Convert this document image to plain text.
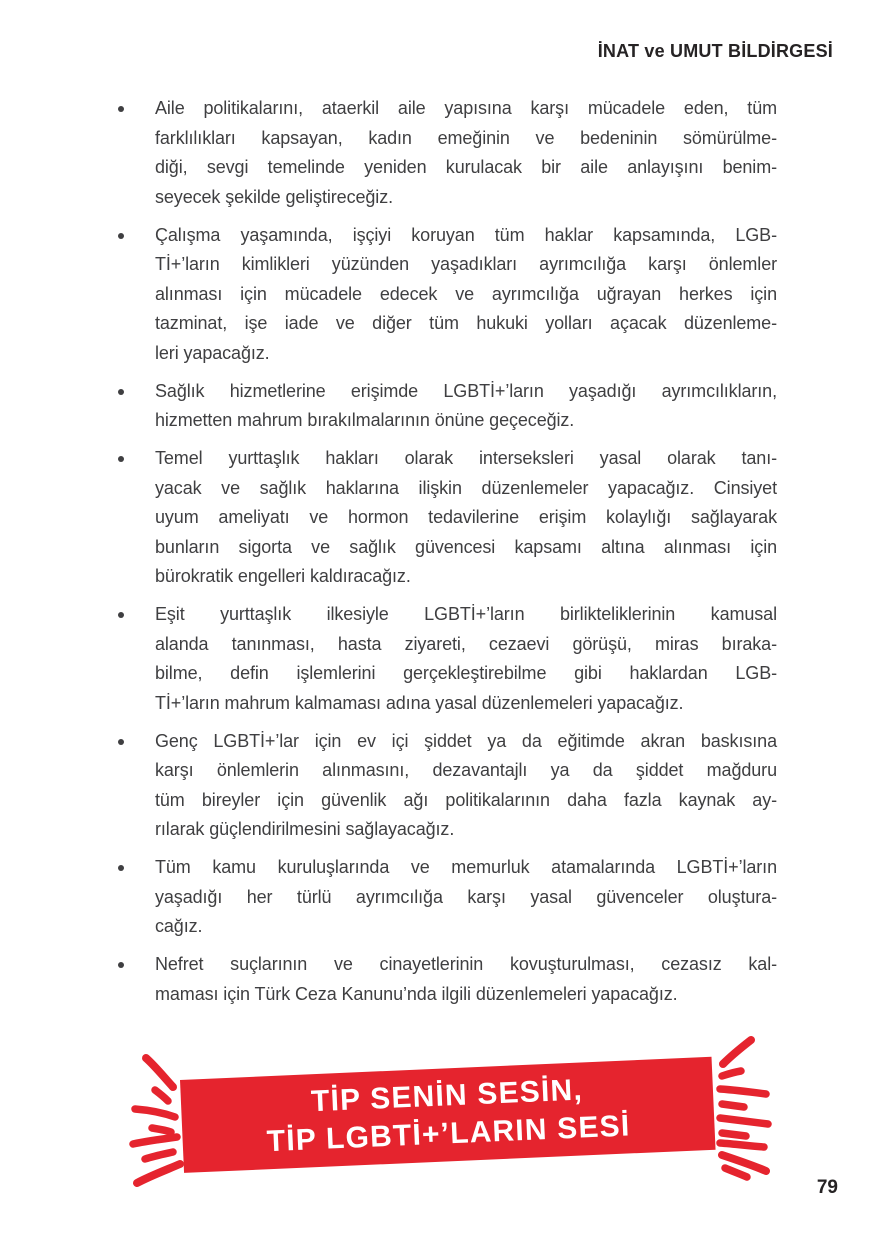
İNAT ve UMUT BİLDİRGESİ
Aile politikalarını, ataerkil aile yapısına karşı mücadele eden, tüm
farklılıkları kapsayan, kadın emeğinin ve bedeninin sömürülme-
diği, sevgi temelinde yeniden kurulacak bir aile anlayışını benim-
seyecek şekilde geliştireceğiz.
Çalışma yaşamında, işçiyi koruyan tüm haklar kapsamında, LGB-
Tİ+’ların kimlikleri yüzünden yaşadıkları ayrımcılığa karşı önlemler
alınması için mücadele edecek ve ayrımcılığa uğrayan herkes için
tazminat, işe iade ve diğer tüm hukuki yolları açacak düzenleme-
leri yapacağız.
Sağlık hizmetlerine erişimde LGBTİ+’ların yaşadığı ayrımcılıkların,
hizmetten mahrum bırakılmalarının önüne geçeceğiz.
Temel yurttaşlık hakları olarak interseksleri yasal olarak tanı-
yacak ve sağlık haklarına ilişkin düzenlemeler yapacağız. Cinsiyet
uyum ameliyatı ve hormon tedavilerine erişim kolaylığı sağlayarak
bunların sigorta ve sağlık güvencesi kapsamı altına alınması için
bürokratik engelleri kaldıracağız.
Eşit yurttaşlık ilkesiyle LGBTİ+’ların birlikteliklerinin kamusal
alanda tanınması, hasta ziyareti, cezaevi görüşü, miras bıraka-
bilme, defin işlemlerini gerçekleştirebilme gibi haklardan LGB-
Tİ+’ların mahrum kalmaması adına yasal düzenlemeleri yapacağız.
Genç LGBTİ+’lar için ev içi şiddet ya da eğitimde akran baskısına
karşı önlemlerin alınmasını, dezavantajlı ya da şiddet mağduru
tüm bireyler için güvenlik ağı politikalarının daha fazla kaynak ay-
rılarak güçlendirilmesini sağlayacağız.
Tüm kamu kuruluşlarında ve memurluk atamalarında LGBTİ+’ların
yaşadığı her türlü ayrımcılığa karşı yasal güvenceler oluştura-
cağız.
Nefret suçlarının ve cinayetlerinin kovuşturulması, cezasız kal-
maması için Türk Ceza Kanunu’nda ilgili düzenlemeleri yapacağız.
TİP SENİN SESİN,
TİP LGBTİ+’LARIN SESİ
79
